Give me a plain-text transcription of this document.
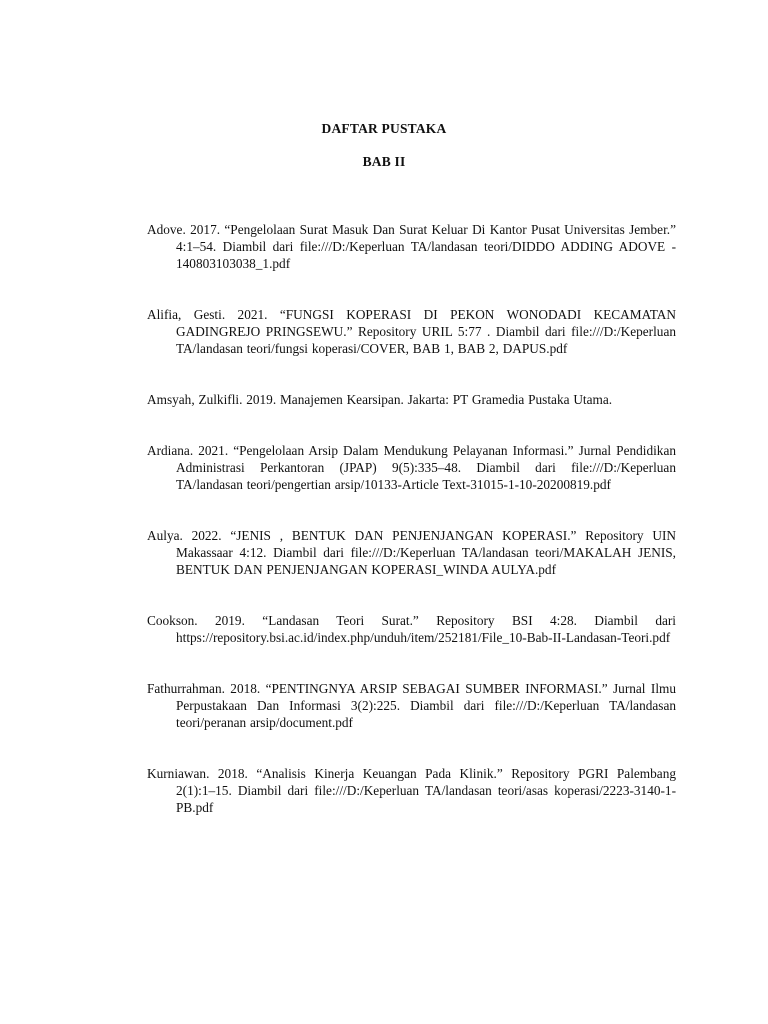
DAFTAR PUSTAKA
BAB II
Adove. 2017. “Pengelolaan Surat Masuk Dan Surat Keluar Di Kantor Pusat Universitas Jember.” 4:1–54. Diambil dari file:///D:/Keperluan TA/landasan teori/DIDDO ADDING ADOVE - 140803103038_1.pdf
Alifia, Gesti. 2021. “FUNGSI KOPERASI DI PEKON WONODADI KECAMATAN GADINGREJO PRINGSEWU.” Repository URIL 5:77 . Diambil dari file:///D:/Keperluan TA/landasan teori/fungsi koperasi/COVER, BAB 1, BAB 2, DAPUS.pdf
Amsyah, Zulkifli. 2019. Manajemen Kearsipan. Jakarta: PT Gramedia Pustaka Utama.
Ardiana. 2021. “Pengelolaan Arsip Dalam Mendukung Pelayanan Informasi.” Jurnal Pendidikan Administrasi Perkantoran (JPAP) 9(5):335–48. Diambil dari file:///D:/Keperluan TA/landasan teori/pengertian arsip/10133-Article Text-31015-1-10-20200819.pdf
Aulya. 2022. “JENIS , BENTUK DAN PENJENJANGAN KOPERASI.” Repository UIN Makassaar 4:12. Diambil dari file:///D:/Keperluan TA/landasan teori/MAKALAH JENIS, BENTUK DAN PENJENJANGAN KOPERASI_WINDA AULYA.pdf
Cookson. 2019. “Landasan Teori Surat.” Repository BSI 4:28. Diambil dari https://repository.bsi.ac.id/index.php/unduh/item/252181/File_10-Bab-II-Landasan-Teori.pdf
Fathurrahman. 2018. “PENTINGNYA ARSIP SEBAGAI SUMBER INFORMASI.” Jurnal Ilmu Perpustakaan Dan Informasi 3(2):225. Diambil dari file:///D:/Keperluan TA/landasan teori/peranan arsip/document.pdf
Kurniawan. 2018. “Analisis Kinerja Keuangan Pada Klinik.” Repository PGRI Palembang 2(1):1–15. Diambil dari file:///D:/Keperluan TA/landasan teori/asas koperasi/2223-3140-1-PB.pdf
